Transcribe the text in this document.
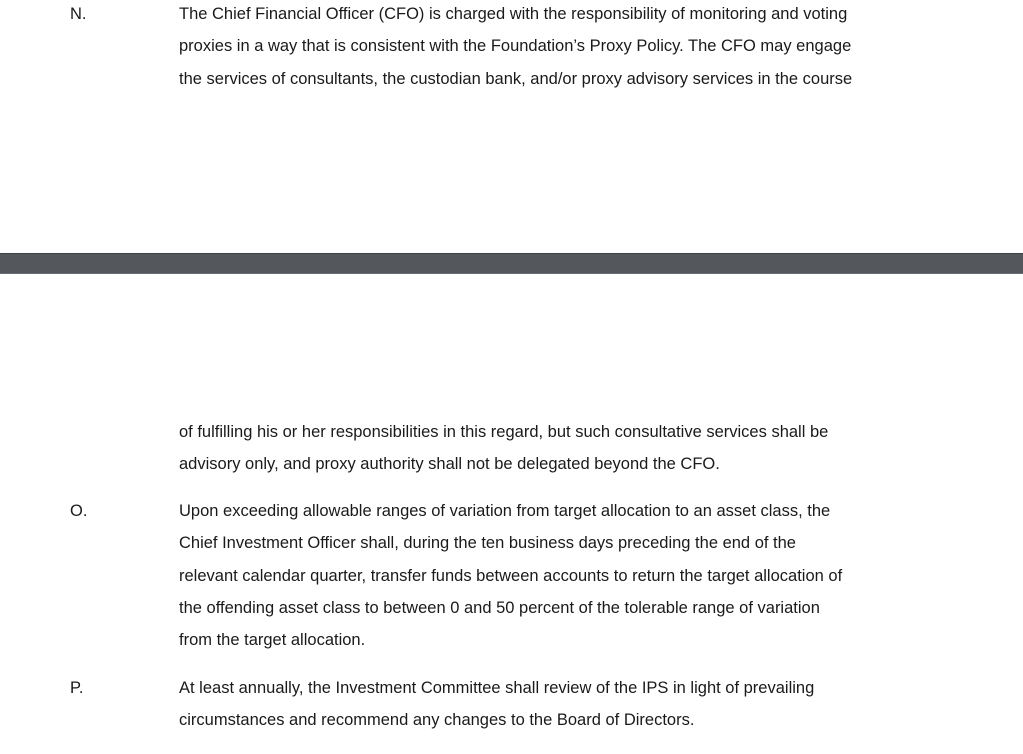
N.	The Chief Financial Officer (CFO) is charged with the responsibility of monitoring and voting
proxies in a way that is consistent with the Foundation’s Proxy Policy. The CFO may engage
the services of consultants, the custodian bank, and/or proxy advisory services in the course
of fulfilling his or her responsibilities in this regard, but such consultative services shall be
advisory only, and proxy authority shall not be delegated beyond the CFO.
O.	Upon exceeding allowable ranges of variation from target allocation to an asset class, the
Chief Investment Officer shall, during the ten business days preceding the end of the
relevant calendar quarter, transfer funds between accounts to return the target allocation of
the offending asset class to between 0 and 50 percent of the tolerable range of variation
from the target allocation.
P.	At least annually, the Investment Committee shall review of the IPS in light of prevailing
circumstances and recommend any changes to the Board of Directors.
